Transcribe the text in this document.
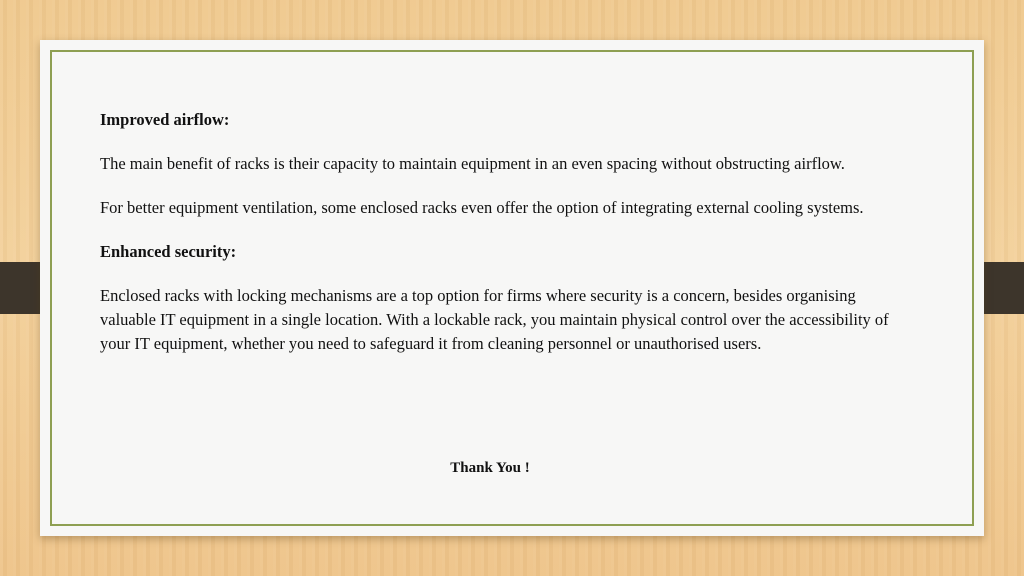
Improved airflow:

The main benefit of racks is their capacity to maintain equipment in an even spacing without obstructing airflow.

For better equipment ventilation, some enclosed racks even offer the option of integrating external cooling systems.

Enhanced security:

Enclosed racks with locking mechanisms are a top option for firms where security is a concern, besides organising valuable IT equipment in a single location. With a lockable rack, you maintain physical control over the accessibility of your IT equipment, whether you need to safeguard it from cleaning personnel or unauthorised users.

Thank You !
